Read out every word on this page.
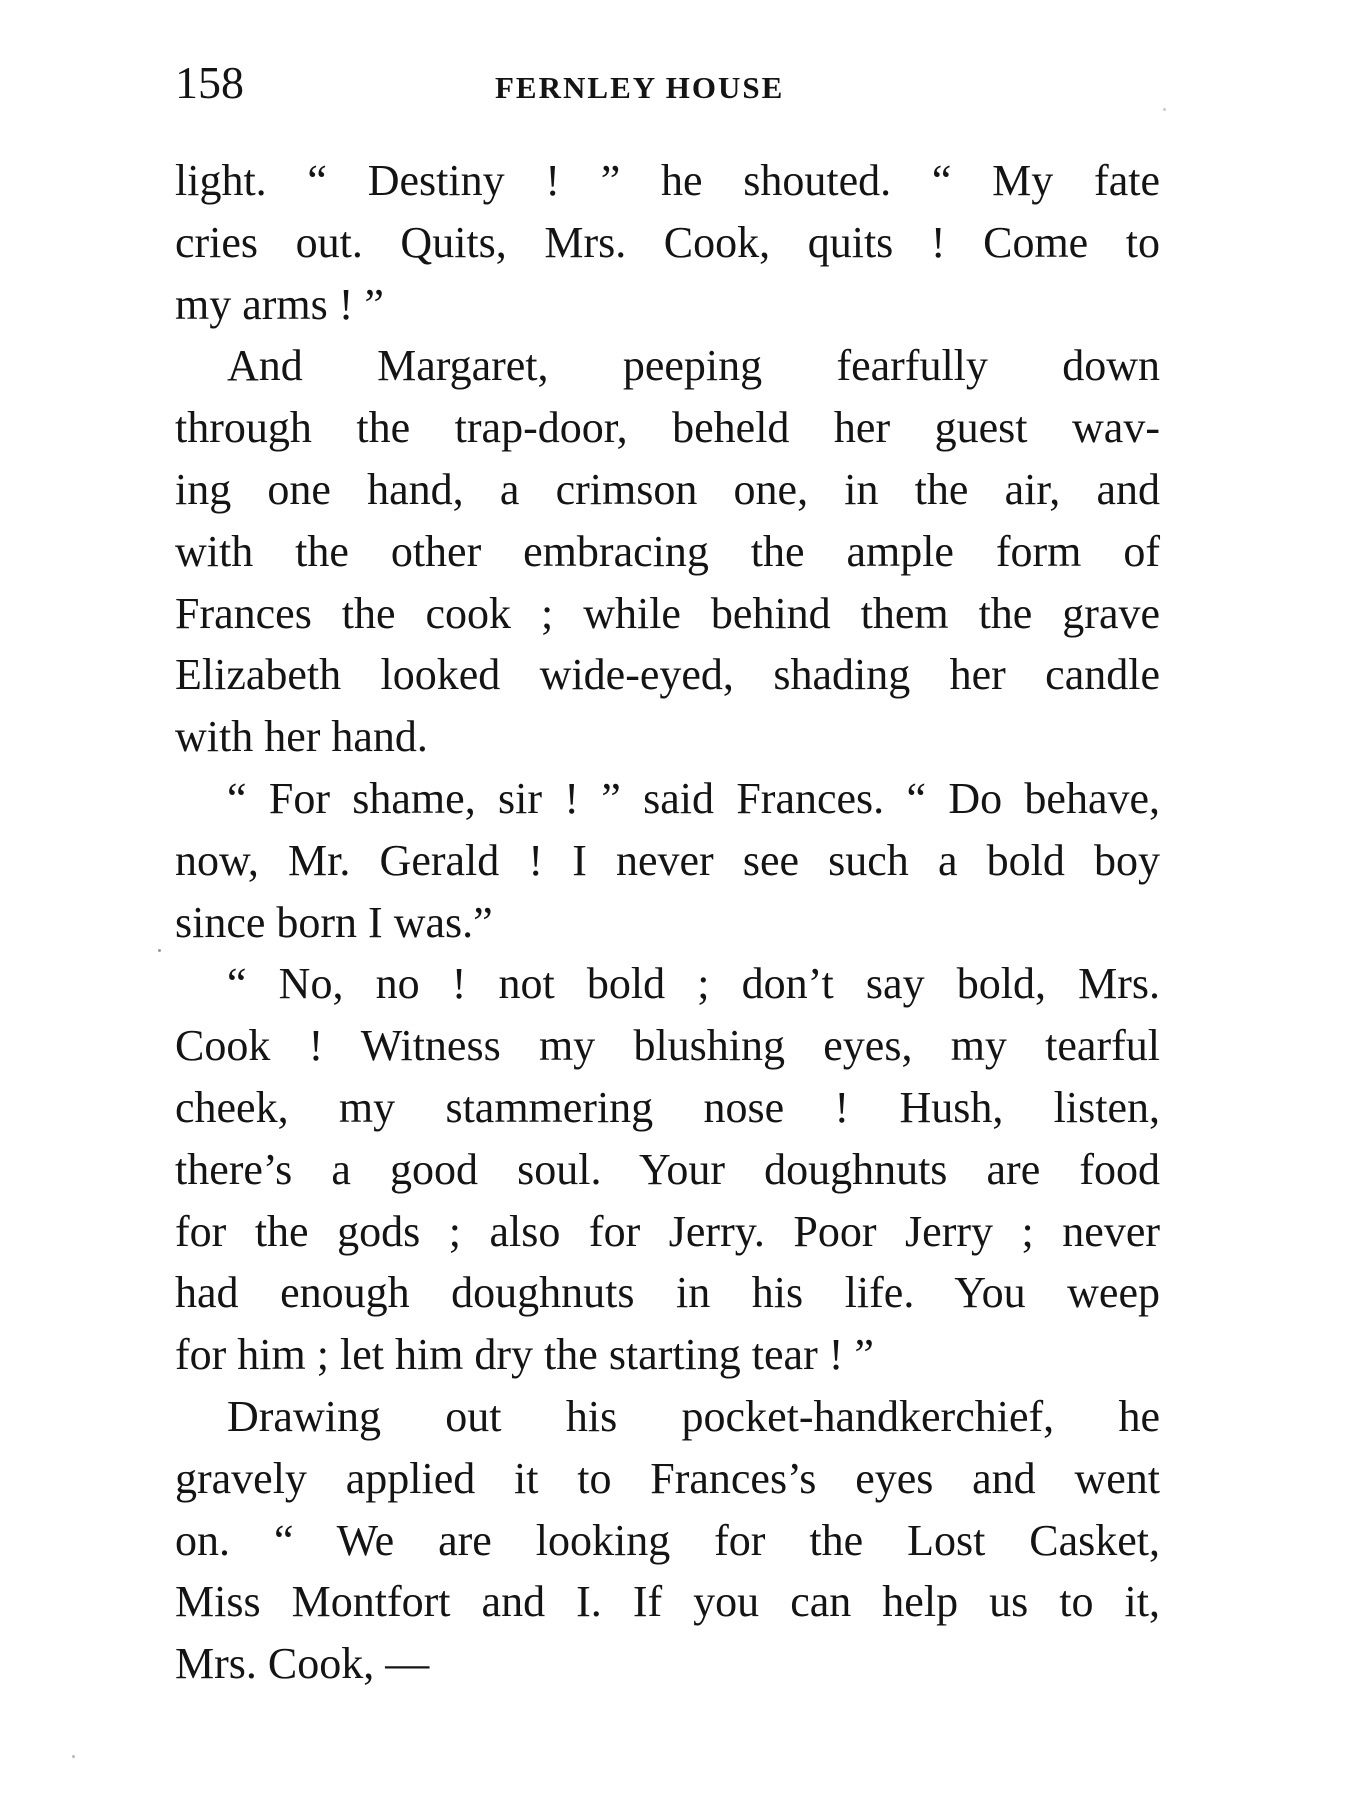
158	FERNLEY HOUSE
light. “ Destiny ! ” he shouted. “ My fate
cries out. Quits, Mrs. Cook, quits ! Come to
my arms ! ”
And Margaret, peeping fearfully down
through the trap-door, beheld her guest wav-
ing one hand, a crimson one, in the air, and
with the other embracing the ample form of
Frances the cook ; while behind them the grave
Elizabeth looked wide-eyed, shading her candle
with her hand.
“ For shame, sir ! ” said Frances. “ Do behave,
now, Mr. Gerald ! I never see such a bold boy
since born I was.”
“ No, no ! not bold ; don’t say bold, Mrs.
Cook ! Witness my blushing eyes, my tearful
cheek, my stammering nose ! Hush, listen,
there’s a good soul. Your doughnuts are food
for the gods ; also for Jerry. Poor Jerry ; never
had enough doughnuts in his life. You weep
for him ; let him dry the starting tear ! ”
Drawing out his pocket-handkerchief, he
gravely applied it to Frances’s eyes and went
on. “ We are looking for the Lost Casket,
Miss Montfort and I. If you can help us to it,
Mrs. Cook, —
